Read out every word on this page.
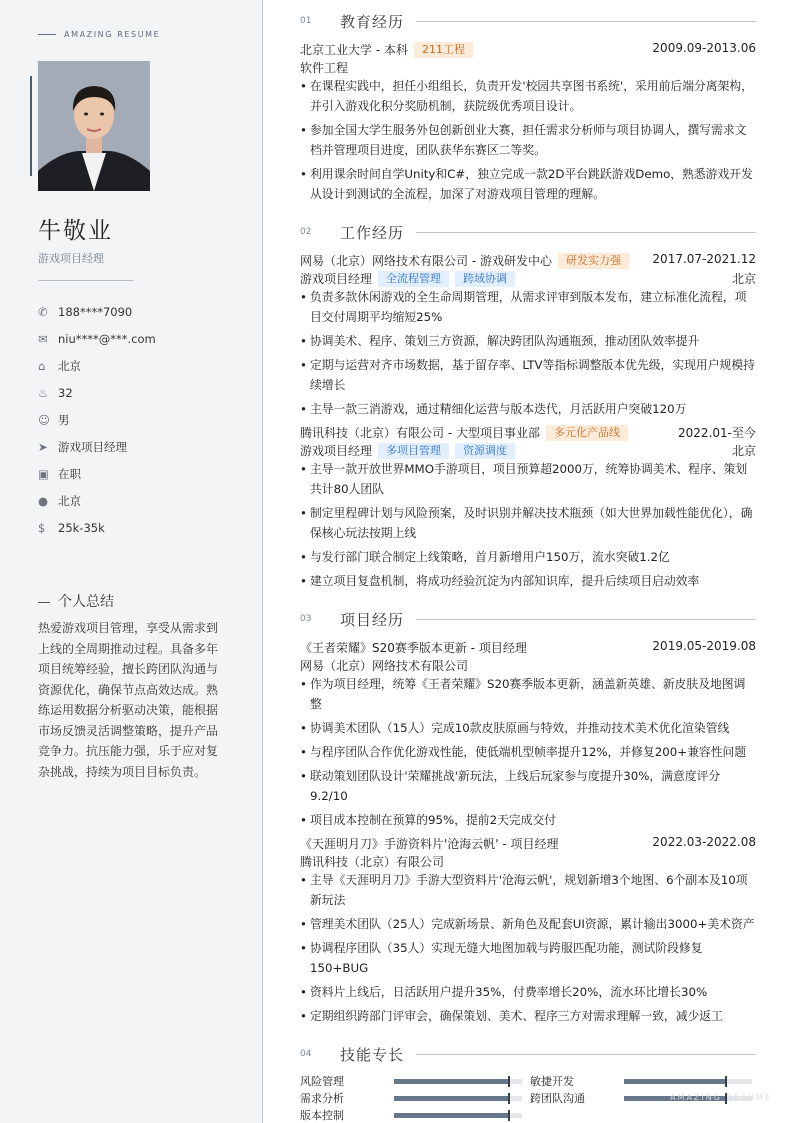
AMAZING RESUME
牛敬业
游戏项目经理
✆ 188****7090
✉ niu****@***.com
⌂	北京
♨ 32
☺ 男
➤ 游戏项目经理
▣ 在职
● 北京
$	25k-35k
个人总结
热爱游戏项目管理，享受从需求到上线的全周期推动过程。具备多年项目统筹经验，擅长跨团队沟通与资源优化，确保节点高效达成。熟练运用数据分析驱动决策，能根据市场反馈灵活调整策略，提升产品竞争力。抗压能力强，乐于应对复杂挑战，持续为项目目标负责。
01	教育经历
北京工业大学 - 本科 211工程	2009.09-2013.06
软件工程
• 在课程实践中，担任小组组长，负责开发'校园共享图书系统'，采用前后端分离架构，并引入游戏化积分奖励机制，获院级优秀项目设计。
• 参加全国大学生服务外包创新创业大赛，担任需求分析师与项目协调人，撰写需求文档并管理项目进度，团队获华东赛区二等奖。
• 利用课余时间自学Unity和C#，独立完成一款2D平台跳跃游戏Demo，熟悉游戏开发从设计到测试的全流程，加深了对游戏项目管理的理解。
02	工作经历
网易（北京）网络技术有限公司 - 游戏研发中心 研发实力强	2017.07-2021.12
游戏项目经理 全流程管理 跨域协调	北京
• 负责多款休闲游戏的全生命周期管理，从需求评审到版本发布，建立标准化流程，项目交付周期平均缩短25%
• 协调美术、程序、策划三方资源，解决跨团队沟通瓶颈，推动团队效率提升
• 定期与运营对齐市场数据，基于留存率、LTV等指标调整版本优先级，实现用户规模持续增长
• 主导一款三消游戏，通过精细化运营与版本迭代，月活跃用户突破120万
腾讯科技（北京）有限公司 - 大型项目事业部 多元化产品线	2022.01-至今
游戏项目经理 多项目管理 资源调度	北京
• 主导一款开放世界MMO手游项目，项目预算超2000万，统筹协调美术、程序、策划共计80人团队
• 制定里程碑计划与风险预案，及时识别并解决技术瓶颈（如大世界加载性能优化），确保核心玩法按期上线
• 与发行部门联合制定上线策略，首月新增用户150万，流水突破1.2亿
• 建立项目复盘机制，将成功经验沉淀为内部知识库，提升后续项目启动效率
03	项目经历
《王者荣耀》S20赛季版本更新 - 项目经理	2019.05-2019.08
网易（北京）网络技术有限公司
• 作为项目经理，统筹《王者荣耀》S20赛季版本更新，涵盖新英雄、新皮肤及地图调整
• 协调美术团队（15人）完成10款皮肤原画与特效，并推动技术美术优化渲染管线
• 与程序团队合作优化游戏性能，使低端机型帧率提升12%，并修复200+兼容性问题
• 联动策划团队设计'荣耀挑战'新玩法，上线后玩家参与度提升30%，满意度评分9.2/10
• 项目成本控制在预算的95%，提前2天完成交付
《天涯明月刀》手游资料片'沧海云帆' - 项目经理	2022.03-2022.08
腾讯科技（北京）有限公司
• 主导《天涯明月刀》手游大型资料片'沧海云帆'，规划新增3个地图、6个副本及10项新玩法
• 管理美术团队（25人）完成新场景、新角色及配套UI资源，累计输出3000+美术资产
• 协调程序团队（35人）实现无缝大地图加载与跨服匹配功能，测试阶段修复150+BUG
• 资料片上线后，日活跃用户提升35%，付费率增长20%，流水环比增长30%
• 定期组织跨部门评审会，确保策划、美术、程序三方对需求理解一致，减少返工
04	技能专长
风险管理	敏捷开发
需求分析	跨团队沟通
版本控制
AMAZING RESUME
